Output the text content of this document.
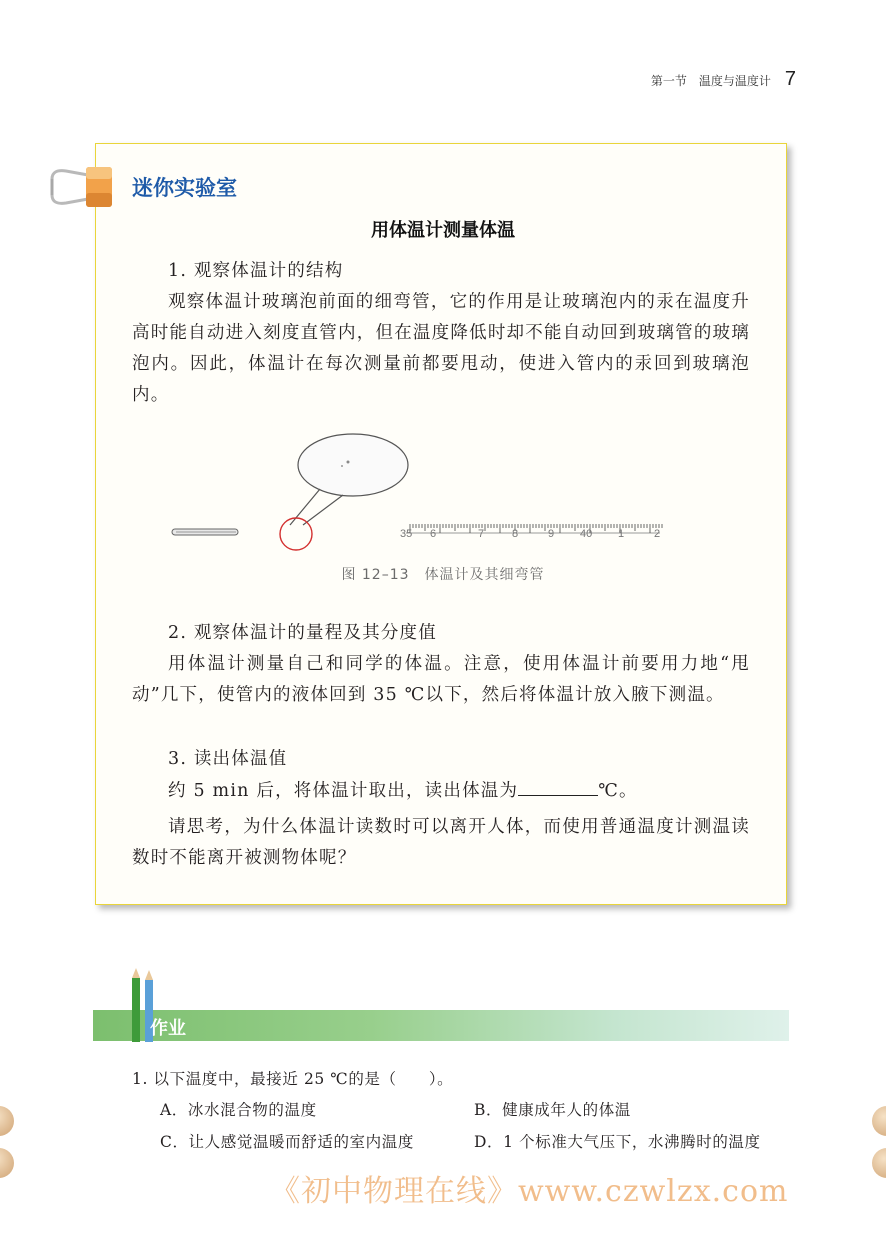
第一节　温度与温度计 7
迷你实验室
用体温计测量体温
1. 观察体温计的结构
观察体温计玻璃泡前面的细弯管，它的作用是让玻璃泡内的汞在温度升高时能自动进入刻度直管内，但在温度降低时却不能自动回到玻璃管的玻璃泡内。因此，体温计在每次测量前都要甩动，使进入管内的汞回到玻璃泡内。
35 6	7	8	9 40 1	2
图 12–13　体温计及其细弯管
2. 观察体温计的量程及其分度值
用体温计测量自己和同学的体温。注意，使用体温计前要用力地“甩动”几下，使管内的液体回到 35 ℃以下，然后将体温计放入腋下测温。
3. 读出体温值
约 5 min 后，将体温计取出，读出体温为	℃。
请思考，为什么体温计读数时可以离开人体，而使用普通温度计测温读数时不能离开被测物体呢？
作业
1. 以下温度中，最接近 25 ℃的是（　　）。
A．冰水混合物的温度	B．健康成年人的体温
C．让人感觉温暖而舒适的室内温度	D．1 个标准大气压下，水沸腾时的温度
《初中物理在线》www.czwlzx.com
